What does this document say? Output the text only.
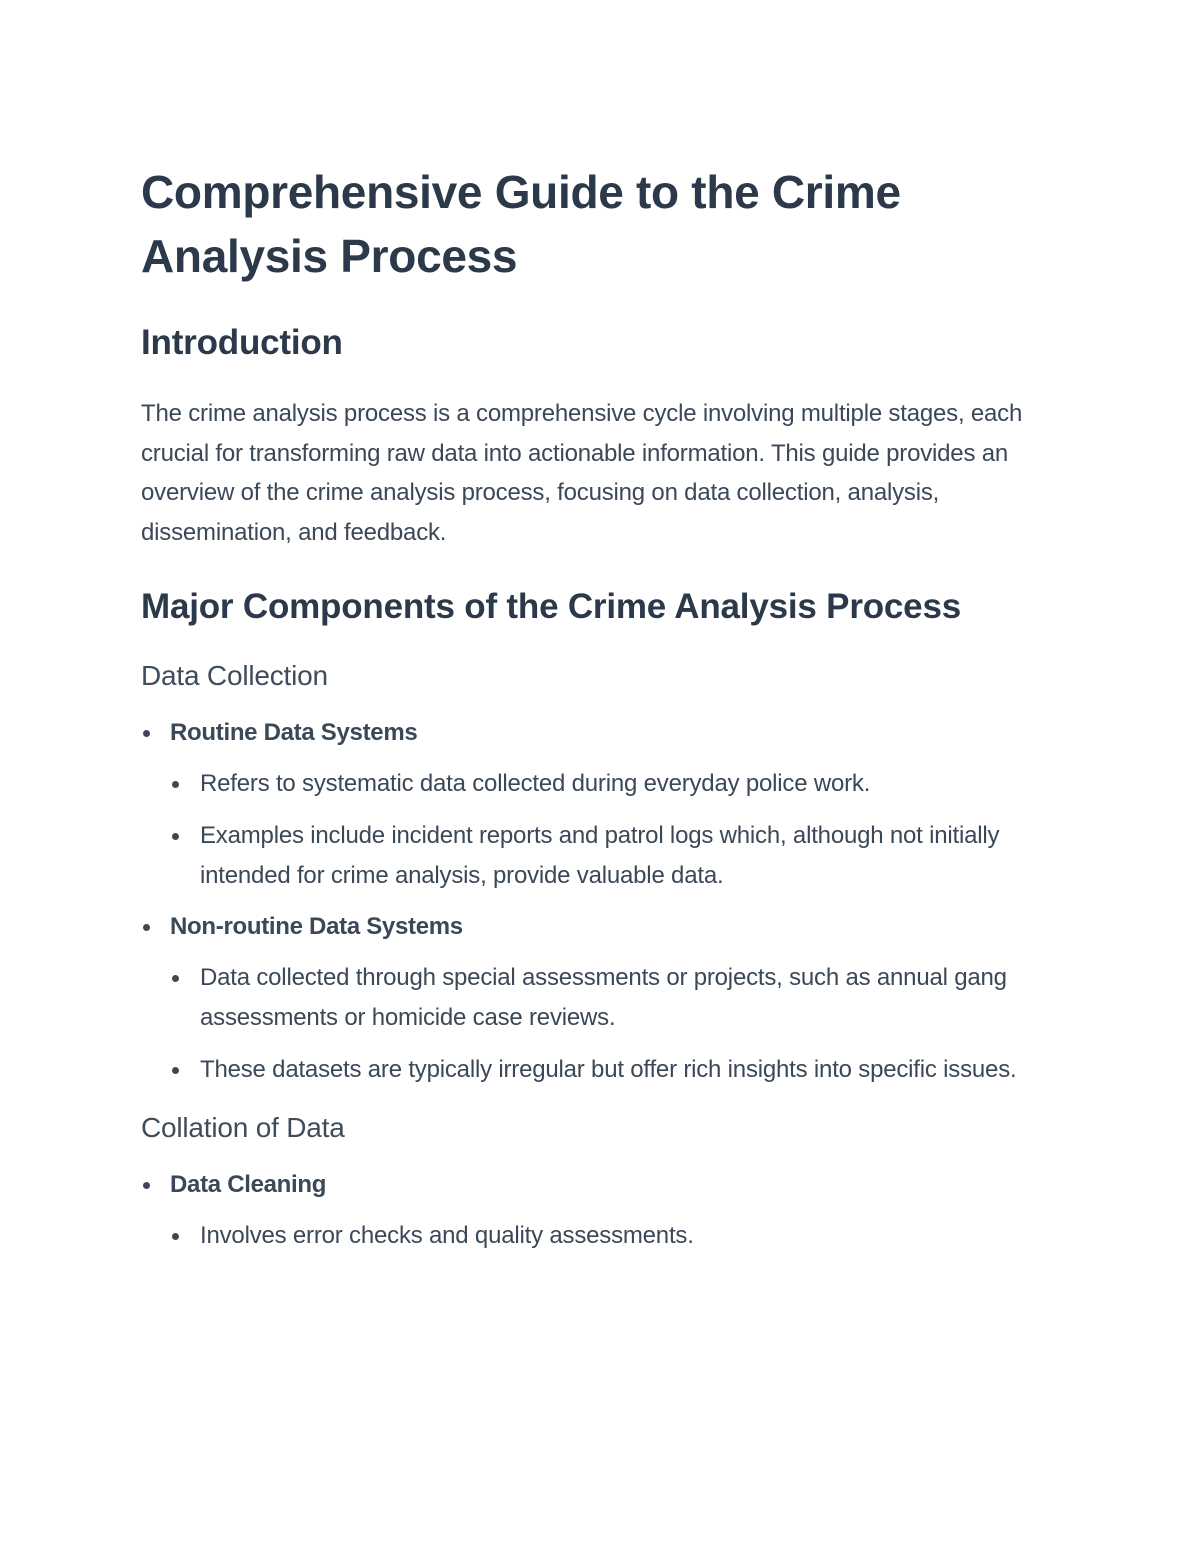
Comprehensive Guide to the Crime Analysis Process
Introduction

The crime analysis process is a comprehensive cycle involving multiple stages, each crucial for transforming raw data into actionable information. This guide provides an overview of the crime analysis process, focusing on data collection, analysis, dissemination, and feedback.

Major Components of the Crime Analysis Process
Data Collection
Routine Data Systems
Refers to systematic data collected during everyday police work.
Examples include incident reports and patrol logs which, although not initially intended for crime analysis, provide valuable data.
Non-routine Data Systems
Data collected through special assessments or projects, such as annual gang assessments or homicide case reviews.
These datasets are typically irregular but offer rich insights into specific issues.
Collation of Data
Data Cleaning
Involves error checks and quality assessments.
